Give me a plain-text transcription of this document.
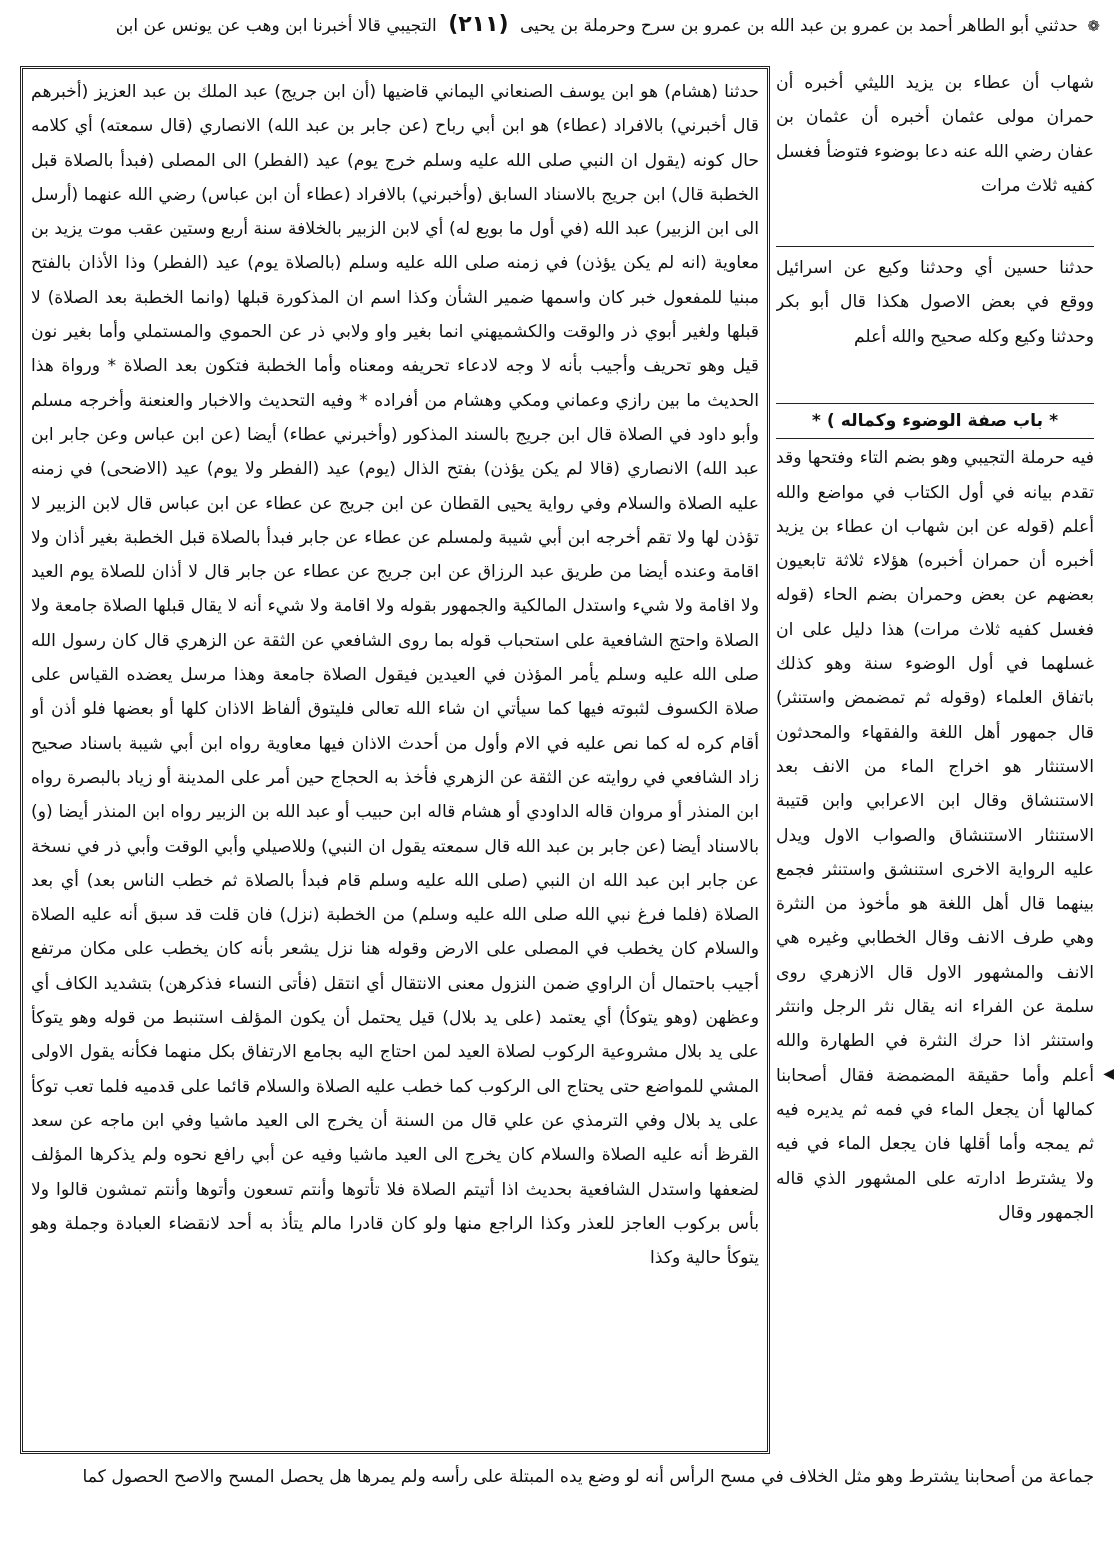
❁ حدثني أبو الطاهر أحمد بن عمرو بن عبد الله بن عمرو بن سرح وحرملة بن يحيى (٢١١) التجيبي قالا أخبرنا ابن وهب عن يونس عن ابن

شهاب أن عطاء بن يزيد الليثي أخبره أن حمران مولى عثمان أخبره أن عثمان بن عفان رضي الله عنه دعا بوضوء فتوضأ فغسل كفيه ثلاث مرات

حدثنا حسين أي وحدثنا وكيع عن اسرائيل ووقع في بعض الاصول هكذا قال أبو بكر وحدثنا وكيع وكله صحيح والله أعلم

* باب صفة الوضوء وكماله ) *

فيه حرملة التجيبي وهو بضم التاء وفتحها وقد تقدم بيانه في أول الكتاب في مواضع والله أعلم (قوله عن ابن شهاب ان عطاء بن يزيد أخبره أن حمران أخبره) هؤلاء ثلاثة تابعيون بعضهم عن بعض وحمران بضم الحاء (قوله فغسل كفيه ثلاث مرات) هذا دليل على ان غسلهما في أول الوضوء سنة وهو كذلك باتفاق العلماء (وقوله ثم تمضمض واستنثر) قال جمهور أهل اللغة والفقهاء والمحدثون الاستنثار هو اخراج الماء من الانف بعد الاستنشاق وقال ابن الاعرابي وابن قتيبة الاستنثار الاستنشاق والصواب الاول ويدل عليه الرواية الاخرى استنشق واستنثر فجمع بينهما قال أهل اللغة هو مأخوذ من النثرة وهي طرف الانف وقال الخطابي وغيره هي الانف والمشهور الاول قال الازهري روى سلمة عن الفراء انه يقال نثر الرجل وانتثر واستنثر اذا حرك النثرة في الطهارة والله أعلم وأما حقيقة المضمضة فقال أصحابنا كمالها أن يجعل الماء في فمه ثم يديره فيه ثم يمجه وأما أقلها فان يجعل الماء في فيه ولا يشترط ادارته على المشهور الذي قاله الجمهور وقال

حدثنا (هشام) هو ابن يوسف الصنعاني اليماني قاضيها (أن ابن جريج) عبد الملك بن عبد العزيز (أخبرهم قال أخبرني) بالافراد (عطاء) هو ابن أبي رباح (عن جابر بن عبد الله) الانصاري (قال سمعته) أي كلامه حال كونه (يقول ان النبي صلى الله عليه وسلم خرج يوم) عيد (الفطر) الى المصلى (فبدأ بالصلاة قبل الخطبة قال) ابن جريج بالاسناد السابق (وأخبرني) بالافراد (عطاء أن ابن عباس) رضي الله عنهما (أرسل الى ابن الزبير) عبد الله (في أول ما بويع له) أي لابن الزبير بالخلافة سنة أربع وستين عقب موت يزيد بن معاوية (انه لم يكن يؤذن) في زمنه صلى الله عليه وسلم (بالصلاة يوم) عيد (الفطر) وذا الأذان بالفتح مبنيا للمفعول خبر كان واسمها ضمير الشأن وكذا اسم ان المذكورة قبلها (وانما الخطبة بعد الصلاة) لا قبلها ولغير أبوي ذر والوقت والكشميهني انما بغير واو ولابي ذر عن الحموي والمستملي وأما بغير نون قيل وهو تحريف وأجيب بأنه لا وجه لادعاء تحريفه ومعناه وأما الخطبة فتكون بعد الصلاة * ورواة هذا الحديث ما بين رازي وعماني ومكي وهشام من أفراده * وفيه التحديث والاخبار والعنعنة وأخرجه مسلم وأبو داود في الصلاة قال ابن جريج بالسند المذكور (وأخبرني عطاء) أيضا (عن ابن عباس وعن جابر ابن عبد الله) الانصاري (قالا لم يكن يؤذن) بفتح الذال (يوم) عيد (الفطر ولا يوم) عيد (الاضحى) في زمنه عليه الصلاة والسلام وفي رواية يحيى القطان عن ابن جريج عن عطاء عن ابن عباس قال لابن الزبير لا تؤذن لها ولا تقم أخرجه ابن أبي شيبة ولمسلم عن عطاء عن جابر فبدأ بالصلاة قبل الخطبة بغير أذان ولا اقامة وعنده أيضا من طريق عبد الرزاق عن ابن جريج عن عطاء عن جابر قال لا أذان للصلاة يوم العيد ولا اقامة ولا شيء واستدل المالكية والجمهور بقوله ولا اقامة ولا شيء أنه لا يقال قبلها الصلاة جامعة ولا الصلاة واحتج الشافعية على استحباب قوله بما روى الشافعي عن الثقة عن الزهري قال كان رسول الله صلى الله عليه وسلم يأمر المؤذن في العيدين فيقول الصلاة جامعة وهذا مرسل يعضده القياس على صلاة الكسوف لثبوته فيها كما سيأتي ان شاء الله تعالى فليتوق ألفاظ الاذان كلها أو بعضها فلو أذن أو أقام كره له كما نص عليه في الام وأول من أحدث الاذان فيها معاوية رواه ابن أبي شيبة باسناد صحيح زاد الشافعي في روايته عن الثقة عن الزهري فأخذ به الحجاج حين أمر على المدينة أو زياد بالبصرة رواه ابن المنذر أو مروان قاله الداودي أو هشام قاله ابن حبيب أو عبد الله بن الزبير رواه ابن المنذر أيضا (و) بالاسناد أيضا (عن جابر بن عبد الله قال سمعته يقول ان النبي) وللاصيلي وأبي الوقت وأبي ذر في نسخة عن جابر ابن عبد الله ان النبي (صلى الله عليه وسلم قام فبدأ بالصلاة ثم خطب الناس بعد) أي بعد الصلاة (فلما فرغ نبي الله صلى الله عليه وسلم) من الخطبة (نزل) فان قلت قد سبق أنه عليه الصلاة والسلام كان يخطب في المصلى على الارض وقوله هنا نزل يشعر بأنه كان يخطب على مكان مرتفع أجيب باحتمال أن الراوي ضمن النزول معنى الانتقال أي انتقل (فأتى النساء فذكرهن) بتشديد الكاف أي وعظهن (وهو يتوكأ) أي يعتمد (على يد بلال) قيل يحتمل أن يكون المؤلف استنبط من قوله وهو يتوكأ على يد بلال مشروعية الركوب لصلاة العيد لمن احتاج اليه بجامع الارتفاق بكل منهما فكأنه يقول الاولى المشي للمواضع حتى يحتاج الى الركوب كما خطب عليه الصلاة والسلام قائما على قدميه فلما تعب توكأ على يد بلال وفي الترمذي عن علي قال من السنة أن يخرج الى العيد ماشيا وفي ابن ماجه عن سعد القرظ أنه عليه الصلاة والسلام كان يخرج الى العيد ماشيا وفيه عن أبي رافع نحوه ولم يذكرها المؤلف لضعفها واستدل الشافعية بحديث اذا أتيتم الصلاة فلا تأتوها وأنتم تسعون وأتوها وأنتم تمشون قالوا ولا بأس بركوب العاجز للعذر وكذا الراجع منها ولو كان قادرا مالم يتأذ به أحد لانقضاء العبادة وجملة وهو يتوكأ حالية وكذا

جماعة من أصحابنا يشترط وهو مثل الخلاف في مسح الرأس أنه لو وضع يده المبتلة على رأسه ولم يمرها هل يحصل المسح والاصح الحصول كما
◀
